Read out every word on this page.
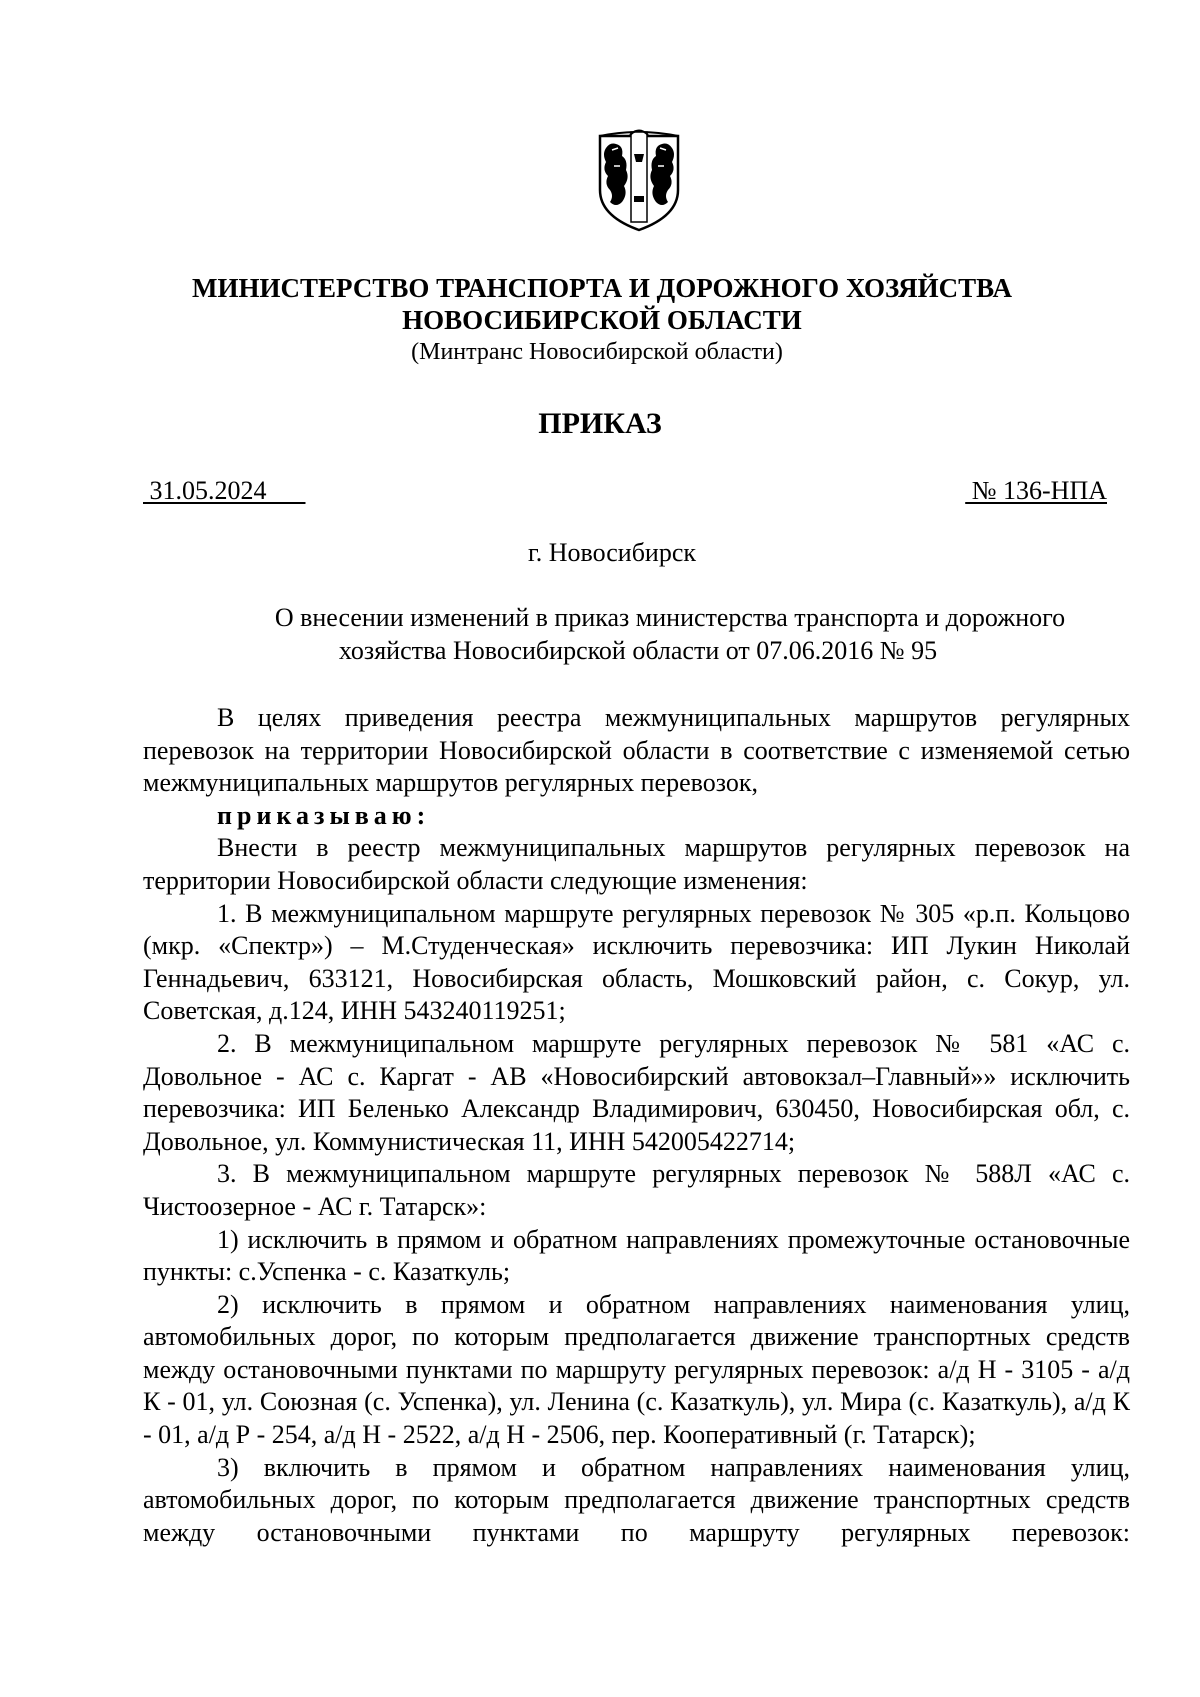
МИНИСТЕРСТВО ТРАНСПОРТА И ДОРОЖНОГО ХОЗЯЙСТВА
НОВОСИБИРСКОЙ ОБЛАСТИ
(Минтранс Новосибирской области)
ПРИКАЗ
31.05.2024	№ 136-НПА
г. Новосибирск
О внесении изменений в приказ министерства транспорта и дорожного
хозяйства Новосибирской области от 07.06.2016 № 95

В целях приведения реестра межмуниципальных маршрутов регулярных перевозок на территории Новосибирской области в соответствие с изменяемой сетью межмуниципальных маршрутов регулярных перевозок,

приказываю:

Внести в реестр межмуниципальных маршрутов регулярных перевозок на территории Новосибирской области следующие изменения:

1. В межмуниципальном маршруте регулярных перевозок № 305 «р.п. Кольцово (мкр. «Спектр») – М.Студенческая» исключить перевозчика: ИП Лукин Николай Геннадьевич, 633121, Новосибирская область, Мошковский район, с. Сокур, ул. Советская, д.124, ИНН 543240119251;

2. В межмуниципальном маршруте регулярных перевозок № 581 «АС с. Довольное - АС с. Каргат - АВ «Новосибирский автовокзал–Главный»» исключить перевозчика: ИП Беленько Александр Владимирович, 630450, Новосибирская обл, с. Довольное, ул. Коммунистическая 11, ИНН 542005422714;

3. В межмуниципальном маршруте регулярных перевозок № 588Л «АС с. Чистоозерное - АС г. Татарск»:

1) исключить в прямом и обратном направлениях промежуточные остановочные пункты: с.Успенка - с. Казаткуль;

2) исключить в прямом и обратном направлениях наименования улиц, автомобильных дорог, по которым предполагается движение транспортных средств между остановочными пунктами по маршруту регулярных перевозок: а/д Н - 3105 - а/д К - 01, ул. Союзная (с. Успенка), ул. Ленина (с. Казаткуль), ул. Мира (с. Казаткуль), а/д К - 01, а/д Р - 254, а/д Н - 2522, а/д Н - 2506, пер. Кооперативный (г. Татарск);

3) включить в прямом и обратном направлениях наименования улиц, автомобильных дорог, по которым предполагается движение транспортных средств между остановочными пунктами по маршруту регулярных перевозок:
